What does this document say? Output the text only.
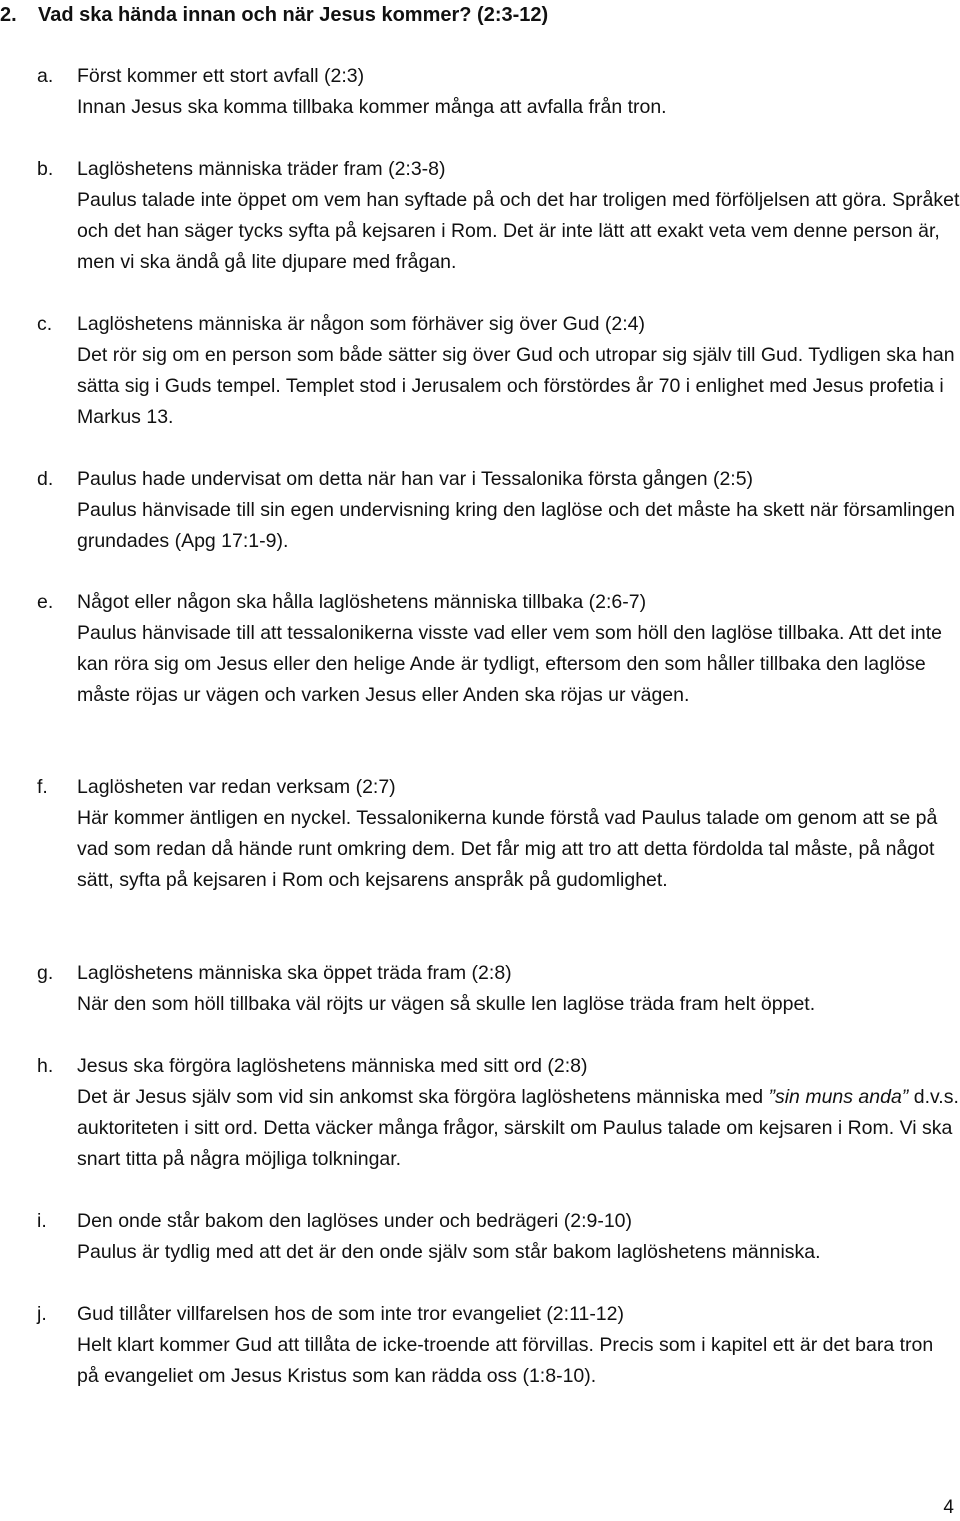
2. Vad ska hända innan och när Jesus kommer? (2:3-12)
a.	Först kommer ett stort avfall (2:3)
Innan Jesus ska komma tillbaka kommer många att avfalla från tron.
b.	Laglöshetens människa träder fram (2:3-8)
Paulus talade inte öppet om vem han syftade på och det har troligen med förföljelsen att göra. Språket och det han säger tycks syfta på kejsaren i Rom. Det är inte lätt att exakt veta vem denne person är, men vi ska ändå gå lite djupare med frågan.
c.	Laglöshetens människa är någon som förhäver sig över Gud (2:4)
Det rör sig om en person som både sätter sig över Gud och utropar sig själv till Gud. Tydligen ska han sätta sig i Guds tempel. Templet stod i Jerusalem och förstördes år 70 i enlighet med Jesus profetia i Markus 13.
d.	Paulus hade undervisat om detta när han var i Tessalonika första gången (2:5)
Paulus hänvisade till sin egen undervisning kring den laglöse och det måste ha skett när församlingen grundades (Apg 17:1-9).
e.	Något eller någon ska hålla laglöshetens människa tillbaka (2:6-7)
Paulus hänvisade till att tessalonikerna visste vad eller vem som höll den laglöse tillbaka. Att det inte kan röra sig om Jesus eller den helige Ande är tydligt, eftersom den som håller tillbaka den laglöse måste röjas ur vägen och varken Jesus eller Anden ska röjas ur vägen.
f.	Laglösheten var redan verksam (2:7)
Här kommer äntligen en nyckel. Tessalonikerna kunde förstå vad Paulus talade om genom att se på vad som redan då hände runt omkring dem. Det får mig att tro att detta fördolda tal måste, på något sätt, syfta på kejsaren i Rom och kejsarens anspråk på gudomlighet.
g.	Laglöshetens människa ska öppet träda fram (2:8)
När den som höll tillbaka väl röjts ur vägen så skulle len laglöse träda fram helt öppet.
h.	Jesus ska förgöra laglöshetens människa med sitt ord (2:8)
Det är Jesus själv som vid sin ankomst ska förgöra laglöshetens människa med ”sin muns anda” d.v.s. auktoriteten i sitt ord. Detta väcker många frågor, särskilt om Paulus talade om kejsaren i Rom. Vi ska snart titta på några möjliga tolkningar.
i.	Den onde står bakom den laglöses under och bedrägeri (2:9-10)
Paulus är tydlig med att det är den onde själv som står bakom laglöshetens människa.
j.	Gud tillåter villfarelsen hos de som inte tror evangeliet (2:11-12)
Helt klart kommer Gud att tillåta de icke-troende att förvillas. Precis som i kapitel ett är det bara tron på evangeliet om Jesus Kristus som kan rädda oss (1:8-10).
4
